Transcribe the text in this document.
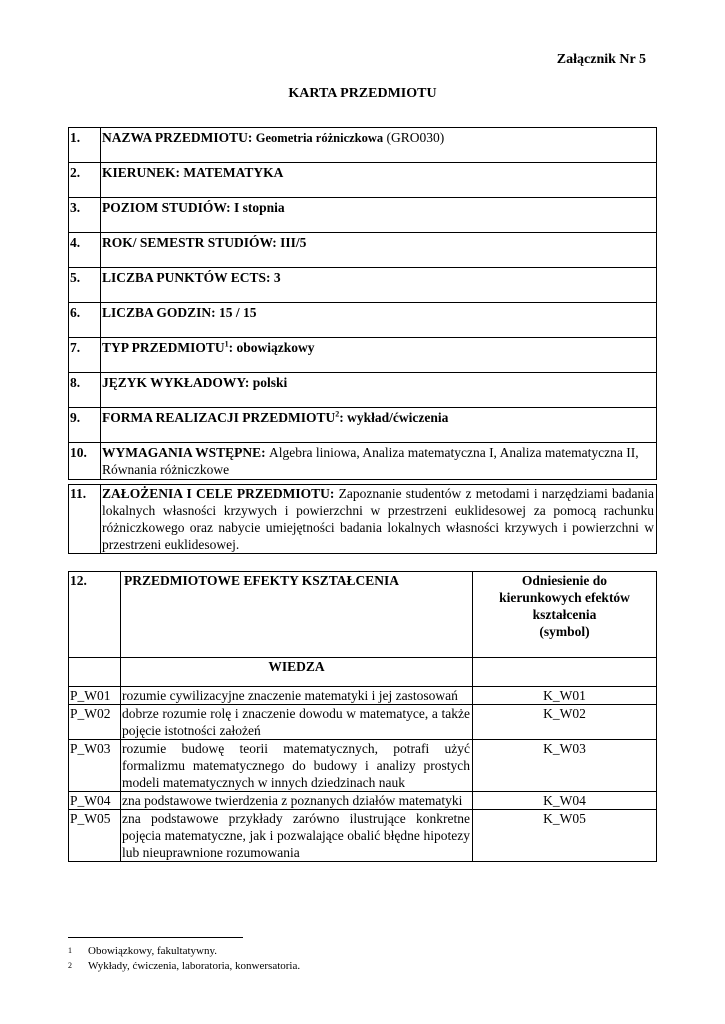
Załącznik Nr 5
KARTA PRZEDMIOTU
1.	NAZWA PRZEDMIOTU: Geometria różniczkowa (GRO030)
2.	KIERUNEK: MATEMATYKA
3.	POZIOM STUDIÓW: I stopnia
4.	ROK/ SEMESTR STUDIÓW: III/5
5.	LICZBA PUNKTÓW ECTS: 3
6.	LICZBA GODZIN: 15 / 15
7.	TYP PRZEDMIOTU$^1$: obowiązkowy
8.	JĘZYK WYKŁADOWY: polski
9.	FORMA REALIZACJI PRZEDMIOTU$^2$: wykład/ćwiczenia
10.	WYMAGANIA WSTĘPNE: Algebra liniowa, Analiza matematyczna I, Analiza matematyczna II, Równania różniczkowe
11.	ZAŁOŻENIA I CELE PRZEDMIOTU: Zapoznanie studentów z metodami i narzędziami badania lokalnych własności krzywych i powierzchni w przestrzeni euklidesowej za pomocą rachunku różniczkowego oraz nabycie umiejętności badania lokalnych własności krzywych i powierzchni w przestrzeni euklidesowej.
12.	PRZEDMIOTOWE EFEKTY KSZTAŁCENIA	Odniesienie do
kierunkowych efektów
kształcenia
(symbol)

	WIEDZA	
P_W01	rozumie cywilizacyjne znaczenie matematyki i jej zastosowań	K_W01
P_W02	dobrze rozumie rolę i znaczenie dowodu w matematyce, a także pojęcie istotności założeń	K_W02
P_W03	rozumie budowę teorii matematycznych, potrafi użyć formalizmu matematycznego do budowy i analizy prostych modeli matematycznych w innych dziedzinach nauk	K_W03
P_W04	zna podstawowe twierdzenia z poznanych działów matematyki	K_W04
P_W05	zna podstawowe przykłady zarówno ilustrujące konkretne pojęcia matematyczne, jak i pozwalające obalić błędne hipotezy lub nieuprawnione rozumowania	K_W05
1 Obowiązkowy, fakultatywny.
2 Wykłady, ćwiczenia, laboratoria, konwersatoria.
